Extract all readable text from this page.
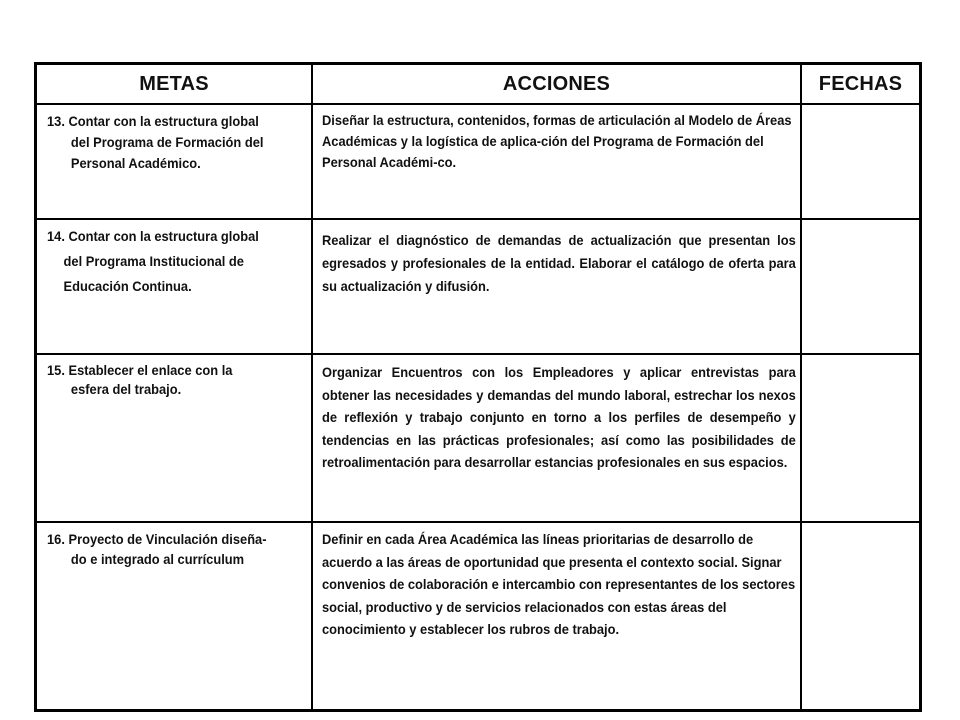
METAS	ACCIONES	FECHAS
13. Contar con la estructura global
del Programa de Formación del
Personal Académico.
Diseñar la estructura, contenidos, formas de articulación al Modelo de Áreas Académicas y la logística de aplica-ción del Programa de Formación del Personal Académi-co.
14. Contar con la estructura global
del Programa Institucional de
Educación Continua.
Realizar el diagnóstico de demandas de actualización que presentan los egresados y profesionales de la entidad. Elaborar el catálogo de oferta para su actualización y difusión.
15. Establecer el enlace con la
esfera del trabajo.
Organizar Encuentros con los Empleadores y aplicar entrevistas para obtener las necesidades y demandas del mundo laboral, estrechar los nexos de reflexión y trabajo conjunto en torno a los perfiles de desempeño y tendencias en las prácticas profesionales; así como las posibilidades de retroalimentación para desarrollar estancias profesionales en sus espacios.
16. Proyecto de Vinculación diseña-
do e integrado al currículum
Definir en cada Área Académica las líneas prioritarias de desarrollo de acuerdo a las áreas de oportunidad que presenta el contexto social. Signar convenios de colaboración e intercambio con representantes de los sectores social, productivo y de servicios relacionados con estas áreas del conocimiento y establecer los rubros de trabajo.
